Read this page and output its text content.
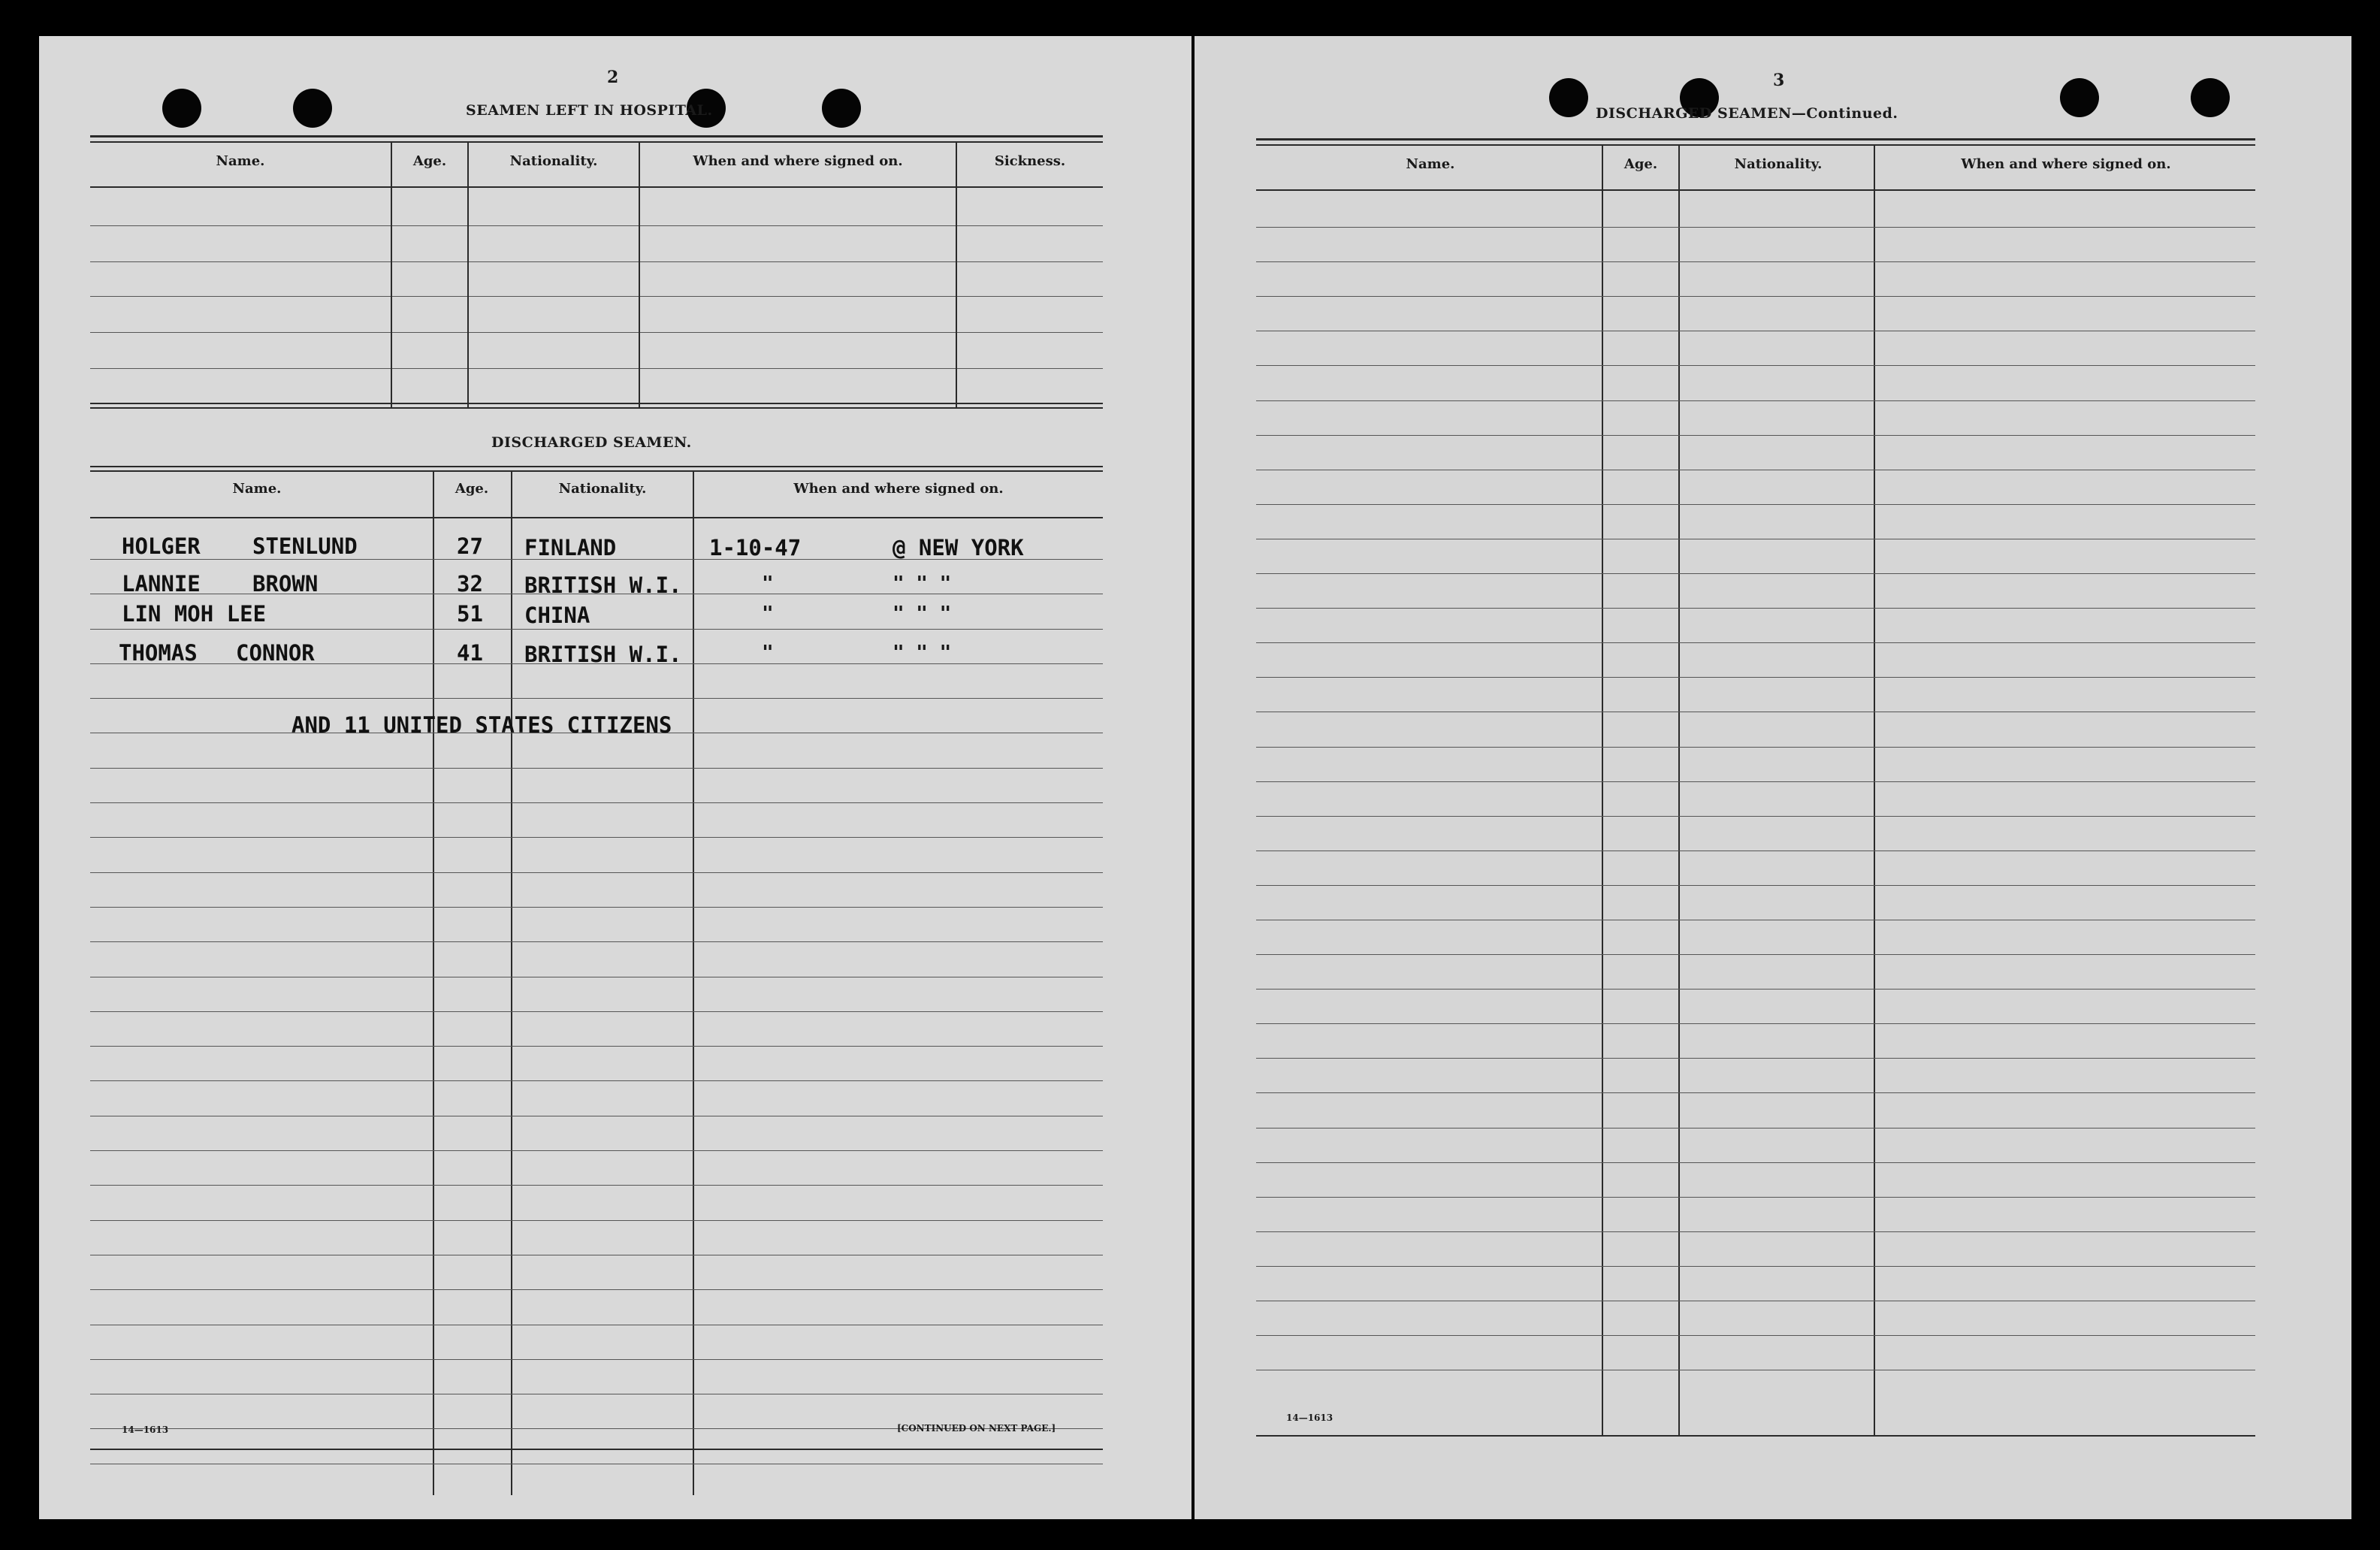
2
SEAMEN LEFT IN HOSPITAL.
Name.	Age.	Nationality.	When and where signed on.	Sickness.
DISCHARGED SEAMEN.
Name.	Age.	Nationality.	When and where signed on.
HOLGER STENLUND	27 FINLAND	1-10-47	@ NEW YORK
LANNIE BROWN	32 BRITISH W.I.	"	" " "
LIN MOH LEE	51 CHINA	"	" " "
THOMAS CONNOR	41 BRITISH W.I.	"	" " "
AND 11 UNITED STATES CITIZENS
14—1613	[CONTINUED ON NEXT PAGE.]
3
DISCHARGED SEAMEN—Continued.
Name.	Age.	Nationality.	When and where signed on.
14—1613
